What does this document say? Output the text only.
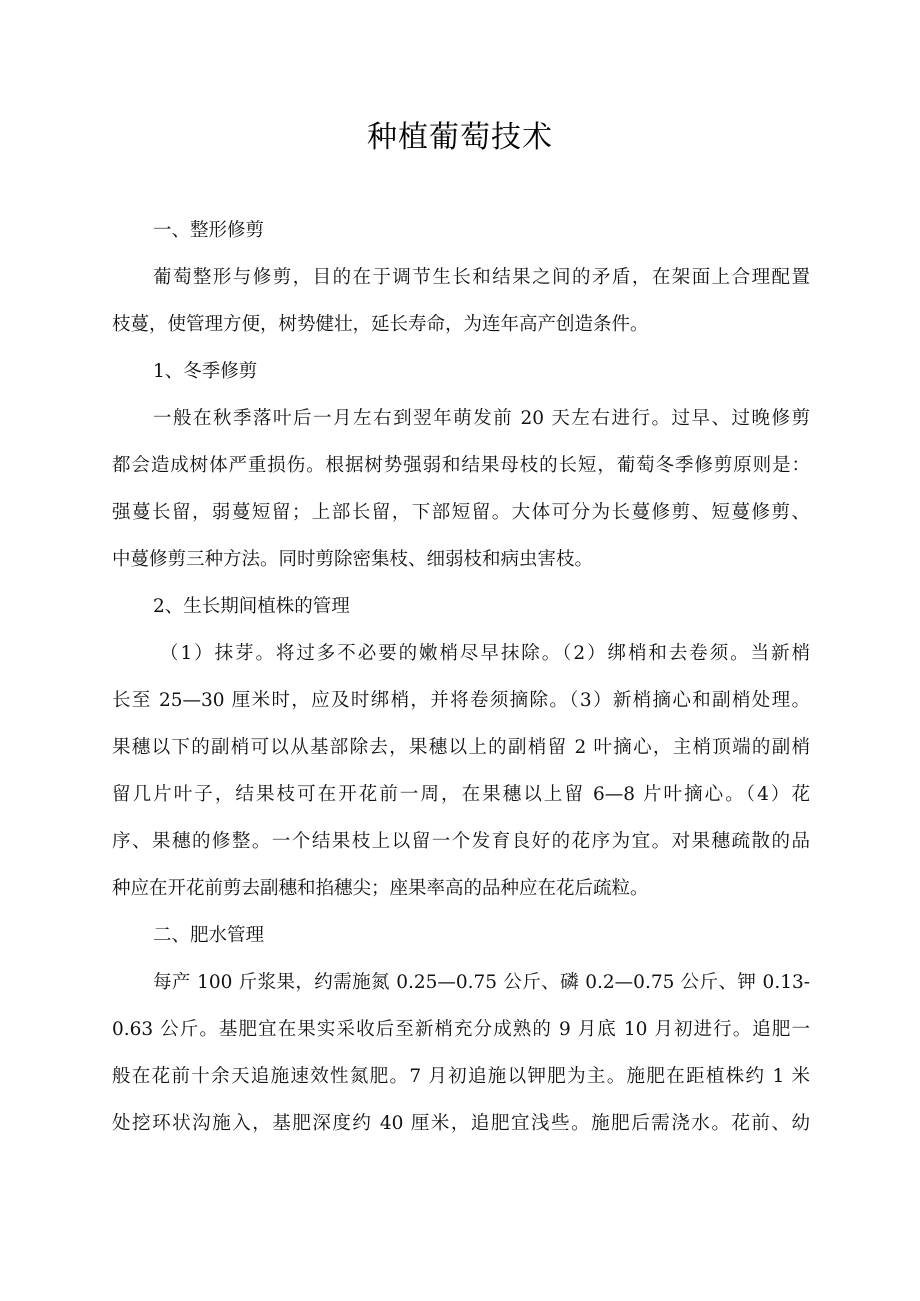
种植葡萄技术
一、整形修剪
葡萄整形与修剪，目的在于调节生长和结果之间的矛盾，在架面上合理配置
枝蔓，使管理方便，树势健壮，延长寿命，为连年高产创造条件。
1、冬季修剪
一般在秋季落叶后一月左右到翌年萌发前 20 天左右进行。过早、过晚修剪
都会造成树体严重损伤。根据树势强弱和结果母枝的长短，葡萄冬季修剪原则是：
强蔓长留，弱蔓短留；上部长留，下部短留。大体可分为长蔓修剪、短蔓修剪、
中蔓修剪三种方法。同时剪除密集枝、细弱枝和病虫害枝。
2、生长期间植株的管理
（1）抹芽。将过多不必要的嫩梢尽早抹除。（2）绑梢和去卷须。当新梢
长至 25—30 厘米时，应及时绑梢，并将卷须摘除。（3）新梢摘心和副梢处理。
果穗以下的副梢可以从基部除去，果穗以上的副梢留 2 叶摘心，主梢顶端的副梢
留几片叶子，结果枝可在开花前一周，在果穗以上留 6—8 片叶摘心。（4）花
序、果穗的修整。一个结果枝上以留一个发育良好的花序为宜。对果穗疏散的品
种应在开花前剪去副穗和掐穗尖；座果率高的品种应在花后疏粒。
二、肥水管理
每产 100 斤浆果，约需施氮 0.25—0.75 公斤、磷 0.2—0.75 公斤、钾 0.13-
0.63 公斤。基肥宜在果实采收后至新梢充分成熟的 9 月底 10 月初进行。追肥一
般在花前十余天追施速效性氮肥。7 月初追施以钾肥为主。施肥在距植株约 1 米
处挖环状沟施入，基肥深度约 40 厘米，追肥宜浅些。施肥后需浇水。花前、幼
